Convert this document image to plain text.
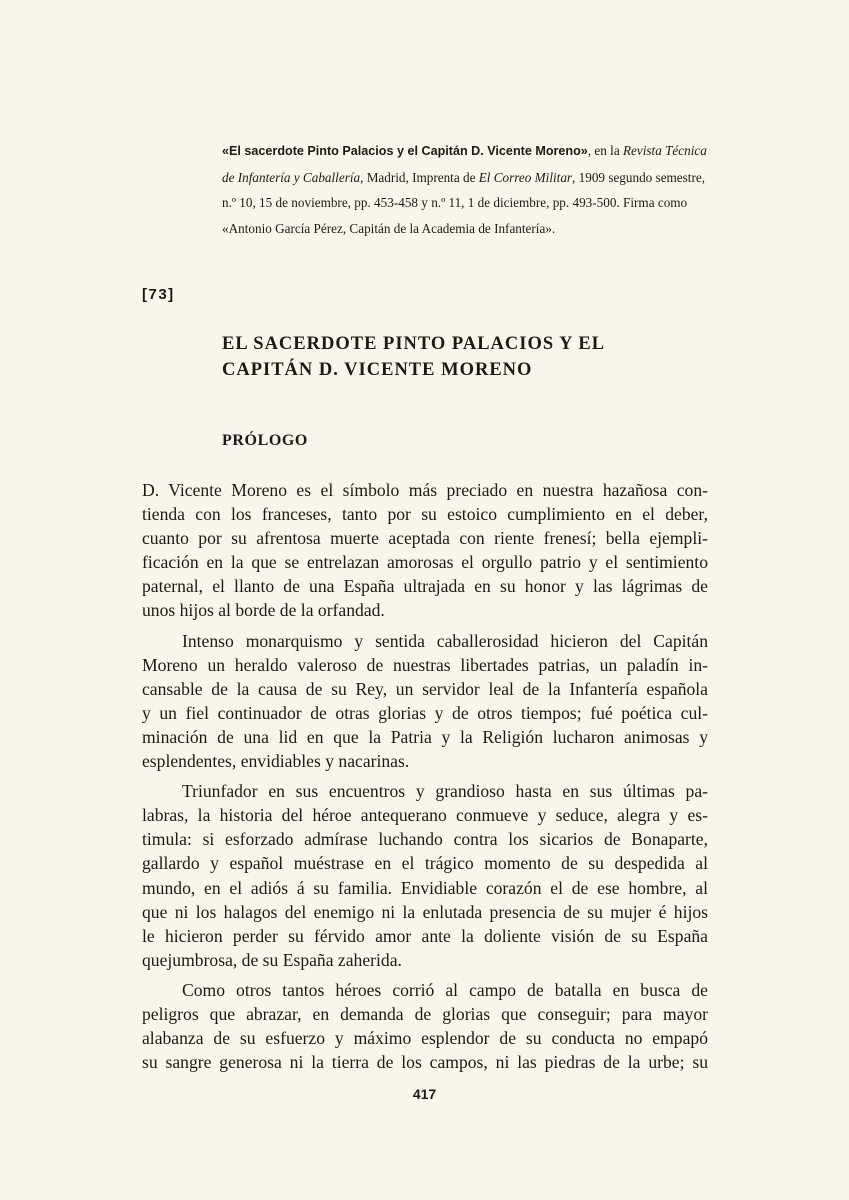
«El sacerdote Pinto Palacios y el Capitán D. Vicente Moreno», en la Revista Técnica de Infantería y Caballería, Madrid, Imprenta de El Correo Militar, 1909 segundo semestre, n.º 10, 15 de noviembre, pp. 453-458 y n.º 11, 1 de diciembre, pp. 493-500. Firma como «Antonio García Pérez, Capitán de la Academia de Infantería».
[73]
EL SACERDOTE PINTO PALACIOS Y EL
CAPITÁN D. VICENTE MORENO
PRÓLOGO
D. Vicente Moreno es el símbolo más preciado en nuestra hazañosa con-
tienda con los franceses, tanto por su estoico cumplimiento en el deber,
cuanto por su afrentosa muerte aceptada con riente frenesí; bella ejempli-
ficación en la que se entrelazan amorosas el orgullo patrio y el sentimiento
paternal, el llanto de una España ultrajada en su honor y las lágrimas de
unos hijos al borde de la orfandad.
Intenso monarquismo y sentida caballerosidad hicieron del Capitán
Moreno un heraldo valeroso de nuestras libertades patrias, un paladín in-
cansable de la causa de su Rey, un servidor leal de la Infantería española
y un fiel continuador de otras glorias y de otros tiempos; fué poética cul-
minación de una lid en que la Patria y la Religión lucharon animosas y
esplendentes, envidiables y nacarinas.
Triunfador en sus encuentros y grandioso hasta en sus últimas pa-
labras, la historia del héroe antequerano conmueve y seduce, alegra y es-
timula: si esforzado admírase luchando contra los sicarios de Bonaparte,
gallardo y español muéstrase en el trágico momento de su despedida al
mundo, en el adiós á su familia. Envidiable corazón el de ese hombre, al
que ni los halagos del enemigo ni la enlutada presencia de su mujer é hijos
le hicieron perder su férvido amor ante la doliente visión de su España
quejumbrosa, de su España zaherida.
Como otros tantos héroes corrió al campo de batalla en busca de
peligros que abrazar, en demanda de glorias que conseguir; para mayor
alabanza de su esfuerzo y máximo esplendor de su conducta no empapó
su sangre generosa ni la tierra de los campos, ni las piedras de la urbe; su
417
